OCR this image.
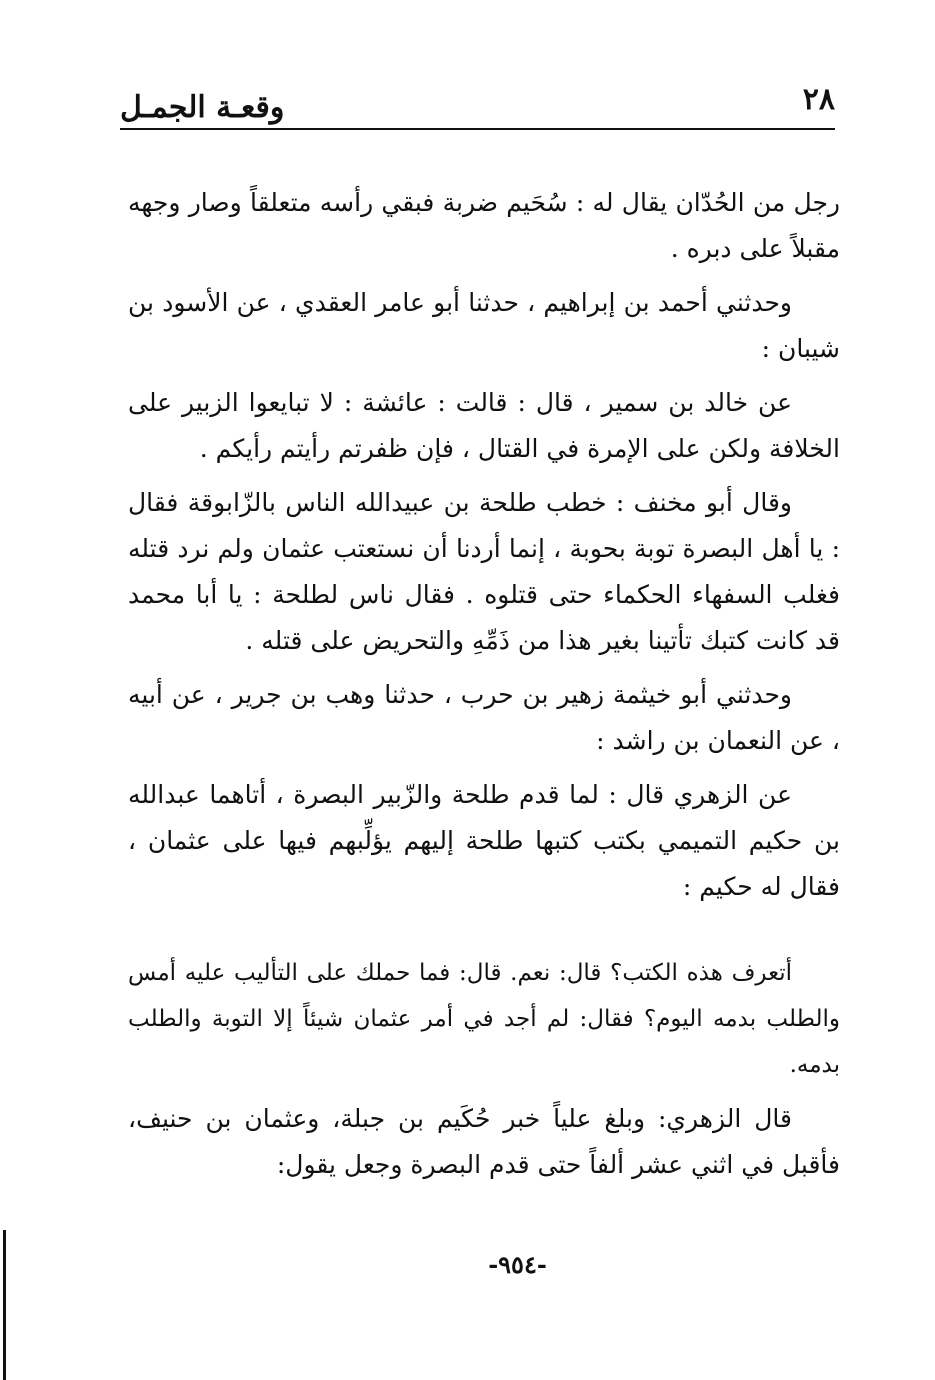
٢٨
وقعـة الجمـل

رجل من الحُدّان يقال له : سُحَيم ضربة فبقي رأسه متعلقاً وصار وجهه مقبلاً على دبره .

وحدثني أحمد بن إبراهيم ، حدثنا أبو عامر العقدي ، عن الأسود بن شيبان :

عن خالد بن سمير ، قال : قالت : عائشة : لا تبايعوا الزبير على الخلافة ولكن على الإمرة في القتال ، فإن ظفرتم رأيتم رأيكم .

وقال أبو مخنف : خطب طلحة بن عبيدالله الناس بالزّابوقة فقال : يا أهل البصرة توبة بحوبة ، إنما أردنا أن نستعتب عثمان ولم نرد قتله فغلب السفهاء الحكماء حتى قتلوه . فقال ناس لطلحة : يا أبا محمد قد كانت كتبك تأتينا بغير هذا من ذَمِّهِ والتحريض على قتله .

وحدثني أبو خيثمة زهير بن حرب ، حدثنا وهب بن جرير ، عن أبيه ، عن النعمان بن راشد :

عن الزهري قال : لما قدم طلحة والزّبير البصرة ، أتاهما عبدالله بن حكيم التميمي بكتب كتبها طلحة إليهم يؤلِّبهم فيها على عثمان ، فقال له حكيم :

أتعرف هذه الكتب؟ قال: نعم. قال: فما حملك على التأليب عليه أمس والطلب بدمه اليوم؟ فقال: لم أجد في أمر عثمان شيئاً إلا التوبة والطلب بدمه.

قال الزهري: وبلغ علياً خبر حُكَيم بن جبلة، وعثمان بن حنيف، فأقبل في اثني عشر ألفاً حتى قدم البصرة وجعل يقول:

-٩٥٤-
